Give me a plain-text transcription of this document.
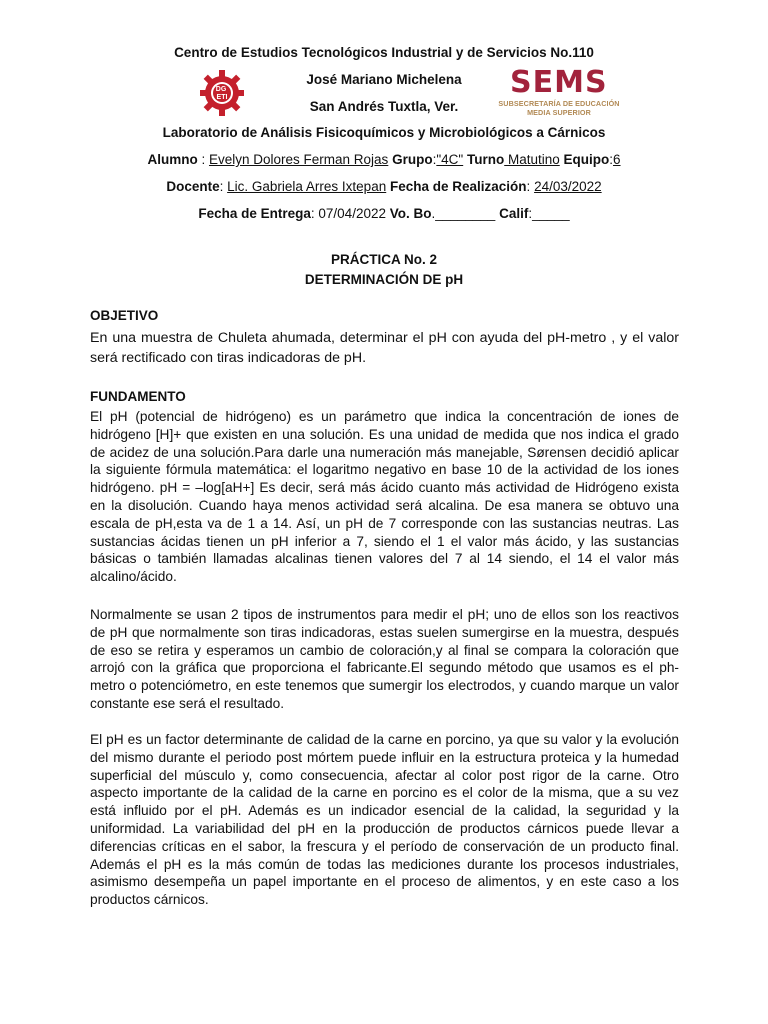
Centro de Estudios Tecnológicos Industrial y de Servicios No.110
José Mariano Michelena
San Andrés Tuxtla, Ver.
Laboratorio de Análisis Fisicoquímicos y Microbiológicos a Cárnicos
DG ETI	SEMS
SUBSECRETARÍA DE EDUCACIÓN
MEDIA SUPERIOR
Alumno : Evelyn Dolores Ferman Rojas Grupo:"4C" Turno Matutino Equipo:6
Docente: Lic. Gabriela Arres Ixtepan Fecha de Realización: 24/03/2022
Fecha de Entrega: 07/04/2022 Vo. Bo.________ Calif:_____
PRÁCTICA No. 2
DETERMINACIÓN DE pH
OBJETIVO
En una muestra de Chuleta ahumada, determinar el pH con ayuda del pH-metro , y el valor será rectificado con tiras indicadoras de pH.
FUNDAMENTO
El pH (potencial de hidrógeno) es un parámetro que indica la concentración de iones de hidrógeno [H]+ que existen en una solución. Es una unidad de medida que nos indica el grado de acidez de una solución.Para darle una numeración más manejable, Sørensen decidió aplicar la siguiente fórmula matemática: el logaritmo negativo en base 10 de la actividad de los iones hidrógeno. pH = –log[aH+] Es decir, será más ácido cuanto más actividad de Hidrógeno exista en la disolución. Cuando haya menos actividad será alcalina. De esa manera se obtuvo una escala de pH,esta va de 1 a 14. Así, un pH de 7 corresponde con las sustancias neutras. Las sustancias ácidas tienen un pH inferior a 7, siendo el 1 el valor más ácido, y las sustancias básicas o también llamadas alcalinas tienen valores del 7 al 14 siendo, el 14 el valor más alcalino/ácido.
Normalmente se usan 2 tipos de instrumentos para medir el pH; uno de ellos son los reactivos de pH que normalmente son tiras indicadoras, estas suelen sumergirse en la muestra, después de eso se retira y esperamos un cambio de coloración,y al final se compara la coloración que arrojó con la gráfica que proporciona el fabricante.El segundo método que usamos es el ph-metro o potenciómetro, en este tenemos que sumergir los electrodos, y cuando marque un valor constante ese será el resultado.
El pH es un factor determinante de calidad de la carne en porcino, ya que su valor y la evolución del mismo durante el periodo post mórtem puede influir en la estructura proteica y la humedad superficial del músculo y, como consecuencia, afectar al color post rigor de la carne. Otro aspecto importante de la calidad de la carne en porcino es el color de la misma, que a su vez está influido por el pH. Además es un indicador esencial de la calidad, la seguridad y la uniformidad. La variabilidad del pH en la producción de productos cárnicos puede llevar a diferencias críticas en el sabor, la frescura y el período de conservación de un producto final. Además el pH es la más común de todas las mediciones durante los procesos industriales, asimismo desempeña un papel importante en el proceso de alimentos, y en este caso a los productos cárnicos.
